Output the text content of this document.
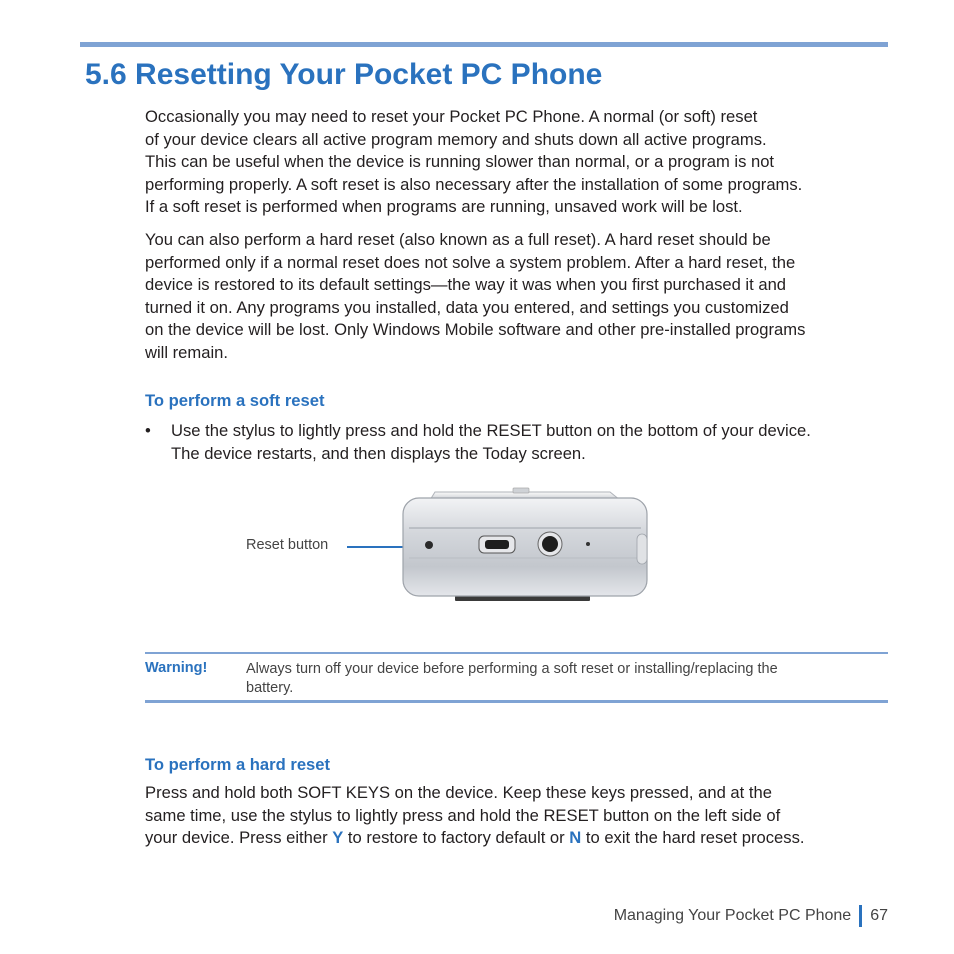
5.6 Resetting Your Pocket PC Phone

Occasionally you may need to reset your Pocket PC Phone. A normal (or soft) reset
of your device clears all active program memory and shuts down all active programs.
This can be useful when the device is running slower than normal, or a program is not
performing properly. A soft reset is also necessary after the installation of some programs.
If a soft reset is performed when programs are running, unsaved work will be lost.

You can also perform a hard reset (also known as a full reset). A hard reset should be
performed only if a normal reset does not solve a system problem. After a hard reset, the
device is restored to its default settings—the way it was when you first purchased it and
turned it on. Any programs you installed, data you entered, and settings you customized
on the device will be lost. Only Windows Mobile software and other pre-installed programs
will remain.

To perform a soft reset
• Use the stylus to lightly press and hold the RESET button on the bottom of your device.
The device restarts, and then displays the Today screen.
Reset button
Warning!	Always turn off your device before performing a soft reset or installing/replacing the
battery.
To perform a hard reset

Press and hold both SOFT KEYS on the device. Keep these keys pressed, and at the
same time, use the stylus to lightly press and hold the RESET button on the left side of
your device. Press either Y to restore to factory default or N to exit the hard reset process.

Managing Your Pocket PC Phone 67
